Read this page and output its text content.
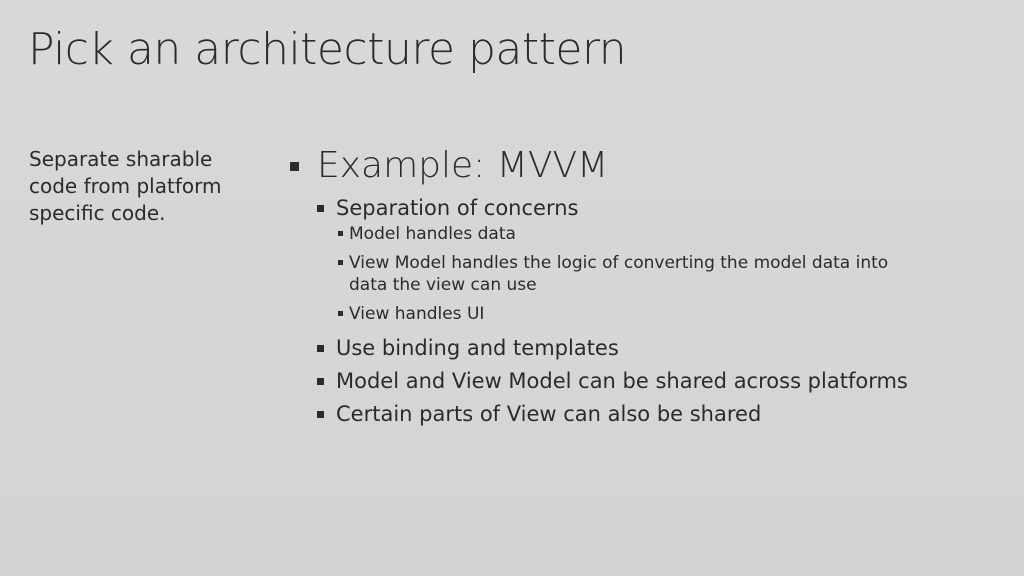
Pick an architecture pattern
Separate sharable code from platform specific code.
Example: MVVM
Separation of concerns
Model handles data
View Model handles the logic of converting the model data into data the view can use
View handles UI
Use binding and templates
Model and View Model can be shared across platforms
Certain parts of View can also be shared
